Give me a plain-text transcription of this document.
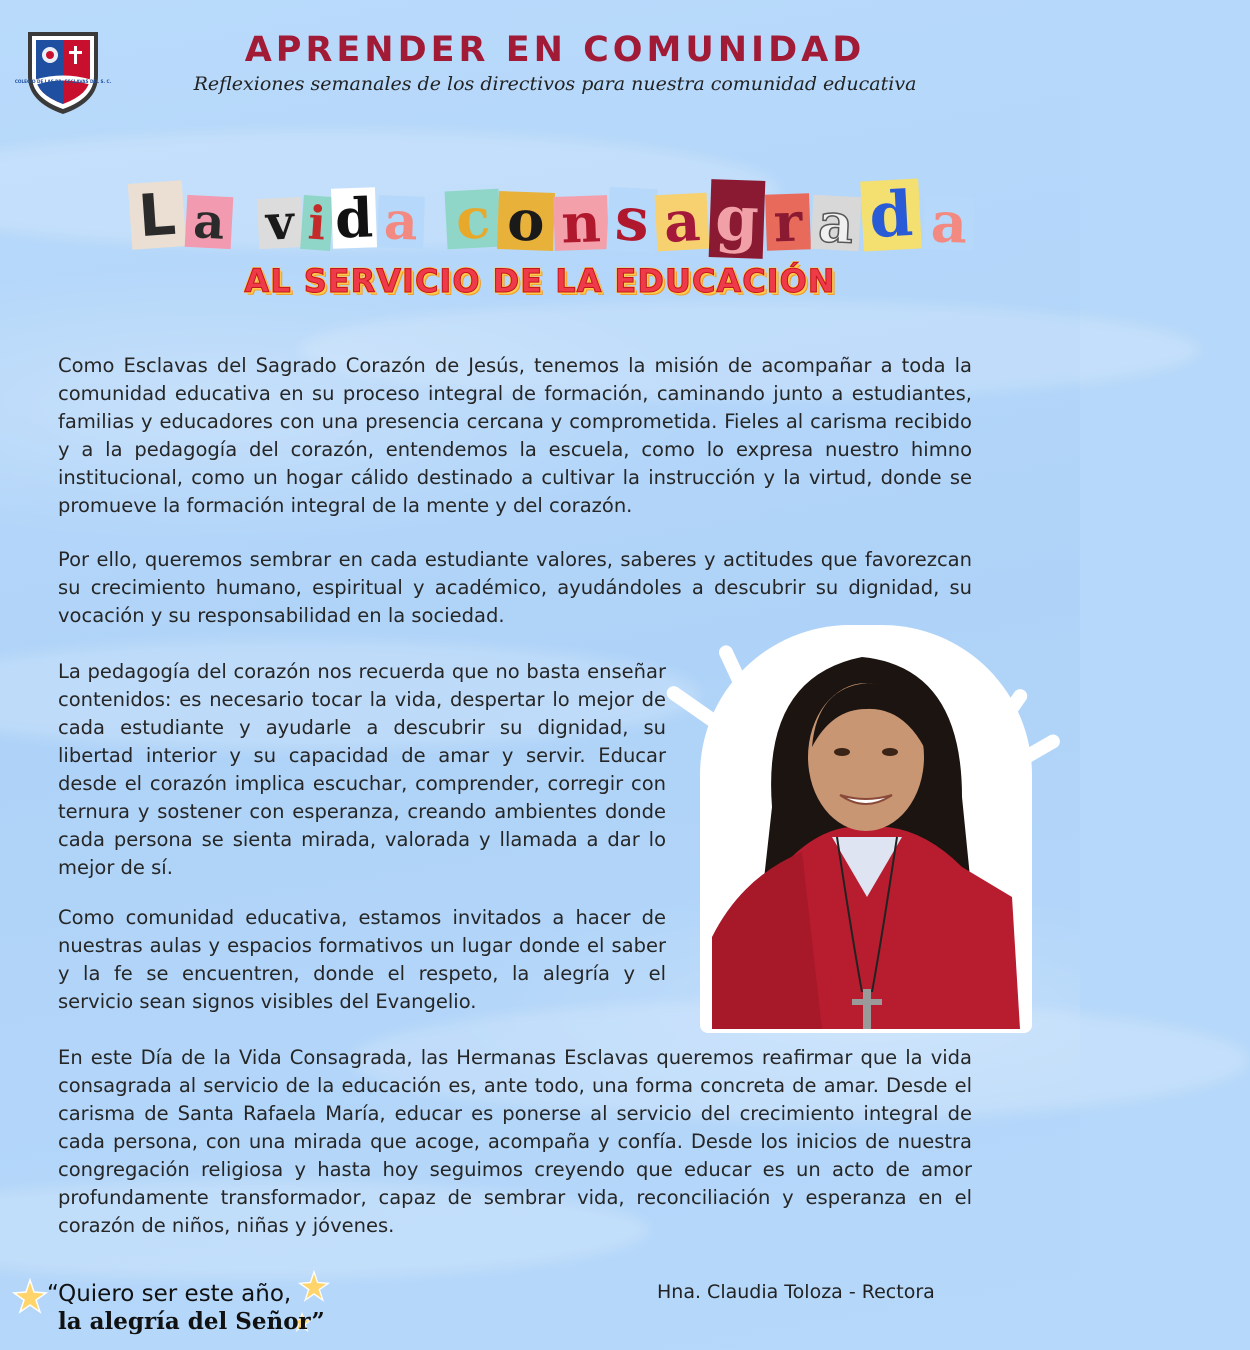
COLEGIO DE LAS RR. ESCLAVAS DEL S. C.
APRENDER EN COMUNIDAD
Reflexiones semanales de los directivos para nuestra comunidad educativa
L a v i d a c o n s a g r a d a
AL SERVICIO DE LA EDUCACIÓN

Como Esclavas del Sagrado Corazón de Jesús, tenemos la misión de acompañar a toda la comunidad educativa en su proceso integral de formación, caminando junto a estudiantes, familias y educadores con una presencia cercana y comprometida. Fieles al carisma recibido y a la pedagogía del corazón, entendemos la escuela, como lo expresa nuestro himno institucional, como un hogar cálido destinado a cultivar la instrucción y la virtud, donde se promueve la formación integral de la mente y del corazón.

Por ello, queremos sembrar en cada estudiante valores, saberes y actitudes que favorezcan su crecimiento humano, espiritual y académico, ayudándoles a descubrir su dignidad, su vocación y su responsabilidad en la sociedad.

La pedagogía del corazón nos recuerda que no basta enseñar contenidos: es necesario tocar la vida, despertar lo mejor de cada estudiante y ayudarle a descubrir su dignidad, su libertad interior y su capacidad de amar y servir. Educar desde el corazón implica escuchar, comprender, corregir con ternura y sostener con esperanza, creando ambientes donde cada persona se sienta mirada, valorada y llamada a dar lo mejor de sí.

Como comunidad educativa, estamos invitados a hacer de nuestras aulas y espacios formativos un lugar donde el saber y la fe se encuentren, donde el respeto, la alegría y el servicio sean signos visibles del Evangelio.

En este Día de la Vida Consagrada, las Hermanas Esclavas queremos reafirmar que la vida consagrada al servicio de la educación es, ante todo, una forma concreta de amar. Desde el carisma de Santa Rafaela María, educar es ponerse al servicio del crecimiento integral de cada persona, con una mirada que acoge, acompaña y confía. Desde los inicios de nuestra congregación religiosa y hasta hoy seguimos creyendo que educar es un acto de amor profundamente transformador, capaz de sembrar vida, reconciliación y esperanza en el corazón de niños, niñas y jóvenes.

“Quiero ser este año,
la alegría del Señor”
Hna. Claudia Toloza - Rectora
